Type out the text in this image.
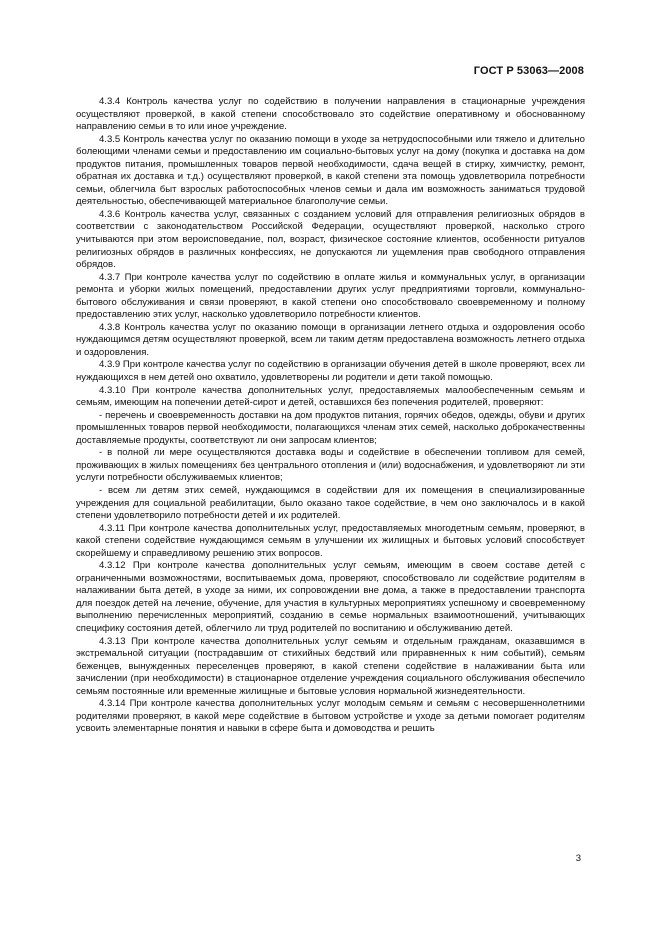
ГОСТ Р 53063—2008

4.3.4 Контроль качества услуг по содействию в получении направления в стационарные учреждения осуществляют проверкой, в какой степени способствовало это содействие оперативному и обоснованному направлению семьи в то или иное учреждение.

4.3.5 Контроль качества услуг по оказанию помощи в уходе за нетрудоспособными или тяжело и длительно болеющими членами семьи и предоставлению им социально-бытовых услуг на дому (покупка и доставка на дом продуктов питания, промышленных товаров первой необходимости, сдача вещей в стирку, химчистку, ремонт, обратная их доставка и т.д.) осуществляют проверкой, в какой степени эта помощь удовлетворила потребности семьи, облегчила быт взрослых работоспособных членов семьи и дала им возможность заниматься трудовой деятельностью, обеспечивающей материальное благополучие семьи.

4.3.6 Контроль качества услуг, связанных с созданием условий для отправления религиозных обрядов в соответствии с законодательством Российской Федерации, осуществляют проверкой, насколько строго учитываются при этом вероисповедание, пол, возраст, физическое состояние клиентов, особенности ритуалов религиозных обрядов в различных конфессиях, не допускаются ли ущемления прав свободного отправления обрядов.

4.3.7 При контроле качества услуг по содействию в оплате жилья и коммунальных услуг, в организации ремонта и уборки жилых помещений, предоставлении других услуг предприятиями торговли, коммунально-бытового обслуживания и связи проверяют, в какой степени оно способствовало своевременному и полному предоставлению этих услуг, насколько удовлетворило потребности клиентов.

4.3.8 Контроль качества услуг по оказанию помощи в организации летнего отдыха и оздоровления особо нуждающимся детям осуществляют проверкой, всем ли таким детям предоставлена возможность летнего отдыха и оздоровления.

4.3.9 При контроле качества услуг по содействию в организации обучения детей в школе проверяют, всех ли нуждающихся в нем детей оно охватило, удовлетворены ли родители и дети такой помощью.

4.3.10 При контроле качества дополнительных услуг, предоставляемых малообеспеченным семьям и семьям, имеющим на попечении детей-сирот и детей, оставшихся без попечения родителей, проверяют:

- перечень и своевременность доставки на дом продуктов питания, горячих обедов, одежды, обуви и других промышленных товаров первой необходимости, полагающихся членам этих семей, насколько доброкачественны доставляемые продукты, соответствуют ли они запросам клиентов;

- в полной ли мере осуществляются доставка воды и содействие в обеспечении топливом для семей, проживающих в жилых помещениях без центрального отопления и (или) водоснабжения, и удовлетворяют ли эти услуги потребности обслуживаемых клиентов;

- всем ли детям этих семей, нуждающимся в содействии для их помещения в специализированные учреждения для социальной реабилитации, было оказано такое содействие, в чем оно заключалось и в какой степени удовлетворило потребности детей и их родителей.

4.3.11 При контроле качества дополнительных услуг, предоставляемых многодетным семьям, проверяют, в какой степени содействие нуждающимся семьям в улучшении их жилищных и бытовых условий способствует скорейшему и справедливому решению этих вопросов.

4.3.12 При контроле качества дополнительных услуг семьям, имеющим в своем составе детей с ограниченными возможностями, воспитываемых дома, проверяют, способствовало ли содействие родителям в налаживании быта детей, в уходе за ними, их сопровождении вне дома, а также в предоставлении транспорта для поездок детей на лечение, обучение, для участия в культурных мероприятиях успешному и своевременному выполнению перечисленных мероприятий, созданию в семье нормальных взаимоотношений, учитывающих специфику состояния детей, облегчило ли труд родителей по воспитанию и обслуживанию детей.

4.3.13 При контроле качества дополнительных услуг семьям и отдельным гражданам, оказавшимся в экстремальной ситуации (пострадавшим от стихийных бедствий или приравненных к ним событий), семьям беженцев, вынужденных переселенцев проверяют, в какой степени содействие в налаживании быта или зачислении (при необходимости) в стационарное отделение учреждения социального обслуживания обеспечило семьям постоянные или временные жилищные и бытовые условия нормальной жизнедеятельности.

4.3.14 При контроле качества дополнительных услуг молодым семьям и семьям с несовершеннолетними родителями проверяют, в какой мере содействие в бытовом устройстве и уходе за детьми помогает родителям усвоить элементарные понятия и навыки в сфере быта и домоводства и решить

3
